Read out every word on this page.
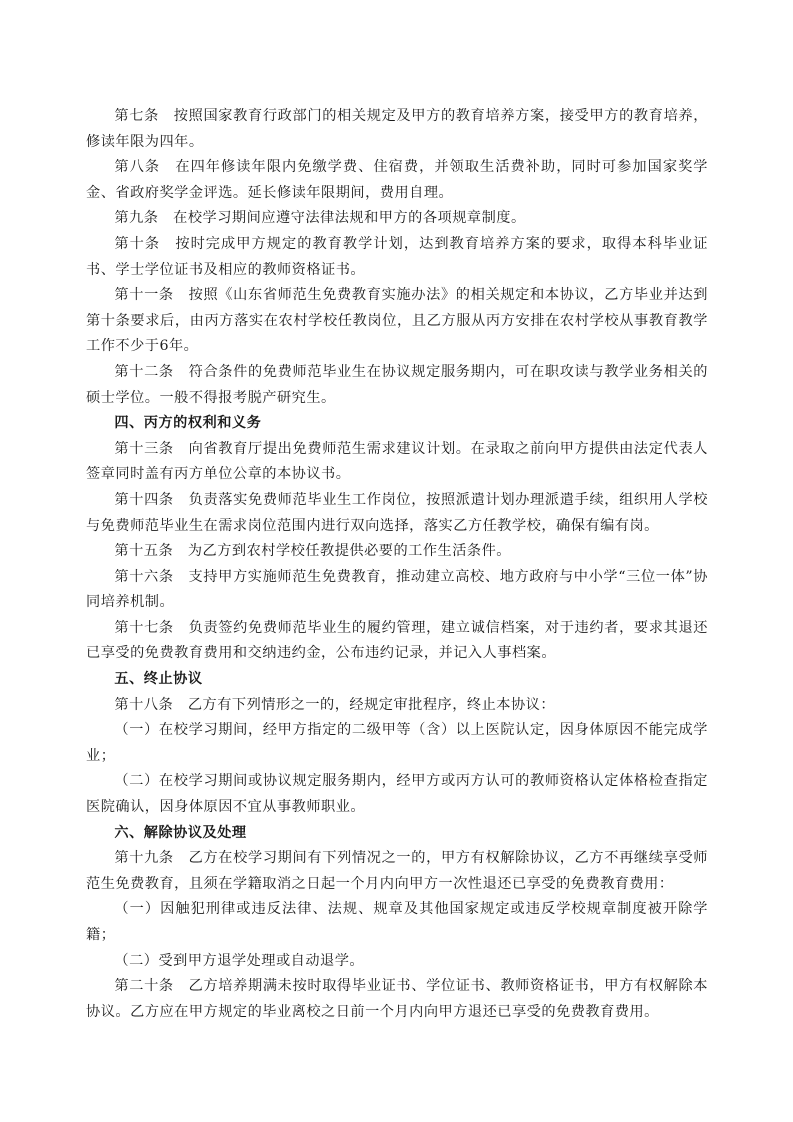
第七条　按照国家教育行政部门的相关规定及甲方的教育培养方案，接受甲方的教育培养，修读年限为四年。

第八条　在四年修读年限内免缴学费、住宿费，并领取生活费补助，同时可参加国家奖学金、省政府奖学金评选。延长修读年限期间，费用自理。

第九条　在校学习期间应遵守法律法规和甲方的各项规章制度。

第十条　按时完成甲方规定的教育教学计划，达到教育培养方案的要求，取得本科毕业证书、学士学位证书及相应的教师资格证书。

第十一条　按照《山东省师范生免费教育实施办法》的相关规定和本协议，乙方毕业并达到第十条要求后，由丙方落实在农村学校任教岗位，且乙方服从丙方安排在农村学校从事教育教学工作不少于6年。

第十二条　符合条件的免费师范毕业生在协议规定服务期内，可在职攻读与教学业务相关的硕士学位。一般不得报考脱产研究生。

四、丙方的权利和义务

第十三条　向省教育厅提出免费师范生需求建议计划。在录取之前向甲方提供由法定代表人签章同时盖有丙方单位公章的本协议书。

第十四条　负责落实免费师范毕业生工作岗位，按照派遣计划办理派遣手续，组织用人学校与免费师范毕业生在需求岗位范围内进行双向选择，落实乙方任教学校，确保有编有岗。

第十五条　为乙方到农村学校任教提供必要的工作生活条件。

第十六条　支持甲方实施师范生免费教育，推动建立高校、地方政府与中小学“三位一体”协同培养机制。

第十七条　负责签约免费师范毕业生的履约管理，建立诚信档案，对于违约者，要求其退还已享受的免费教育费用和交纳违约金，公布违约记录，并记入人事档案。

五、终止协议

第十八条　乙方有下列情形之一的，经规定审批程序，终止本协议：

（一）在校学习期间，经甲方指定的二级甲等（含）以上医院认定，因身体原因不能完成学业；

（二）在校学习期间或协议规定服务期内，经甲方或丙方认可的教师资格认定体格检查指定医院确认，因身体原因不宜从事教师职业。

六、解除协议及处理

第十九条　乙方在校学习期间有下列情况之一的，甲方有权解除协议，乙方不再继续享受师范生免费教育，且须在学籍取消之日起一个月内向甲方一次性退还已享受的免费教育费用：

（一）因触犯刑律或违反法律、法规、规章及其他国家规定或违反学校规章制度被开除学籍；

（二）受到甲方退学处理或自动退学。

第二十条　乙方培养期满未按时取得毕业证书、学位证书、教师资格证书，甲方有权解除本协议。乙方应在甲方规定的毕业离校之日前一个月内向甲方退还已享受的免费教育费用。
